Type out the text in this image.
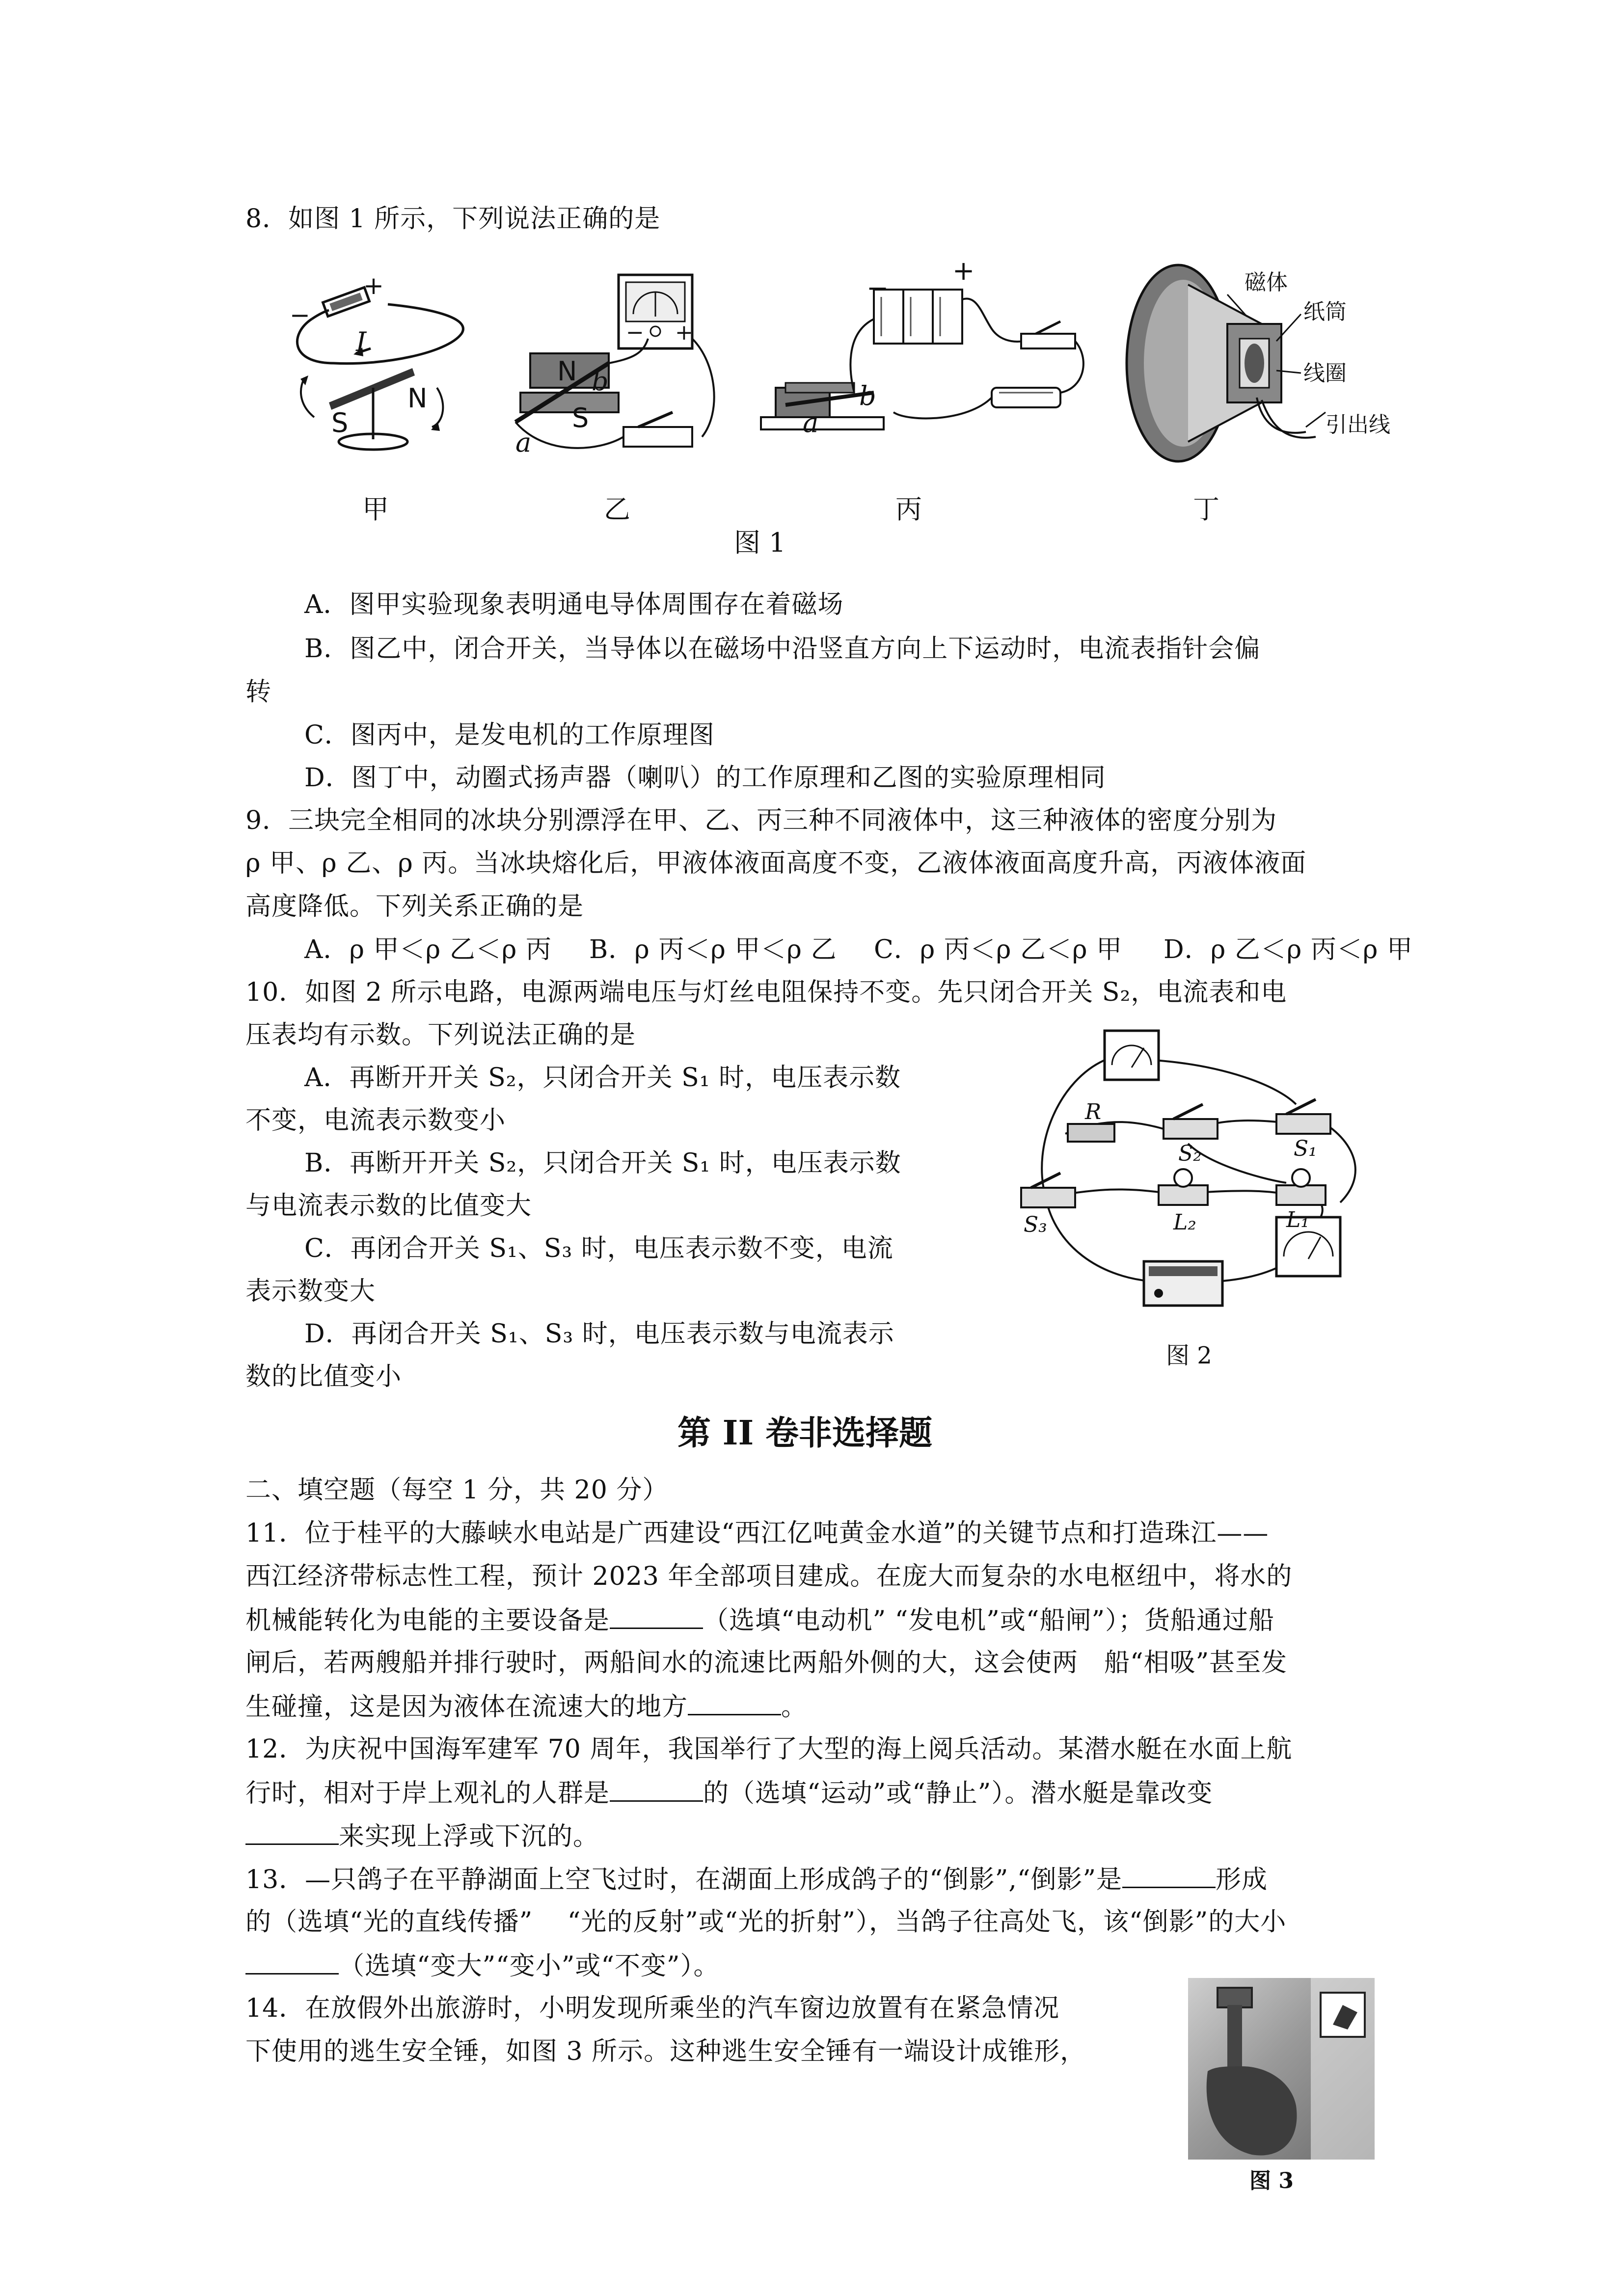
8．如图 1 所示，下列说法正确的是
−
+
I
S
N
N b
S
a
− +
−
+
a
b
磁体
纸筒
线圈
引出线
甲	乙	丙	丁
图 1
A．图甲实验现象表明通电导体周围存在着磁场
B．图乙中，闭合开关，当导体以在磁场中沿竖直方向上下运动时，电流表指针会偏
转
C．图丙中，是发电机的工作原理图
D．图丁中，动圈式扬声器（喇叭）的工作原理和乙图的实验原理相同
9．三块完全相同的冰块分别漂浮在甲、乙、丙三种不同液体中，这三种液体的密度分别为
ρ 甲、ρ 乙、ρ 丙。当冰块熔化后，甲液体液面高度不变，乙液体液面高度升高，丙液体液面
高度降低。下列关系正确的是
A．ρ 甲＜ρ 乙＜ρ 丙 B．ρ 丙＜ρ 甲＜ρ 乙 C．ρ 丙＜ρ 乙＜ρ 甲 D．ρ 乙＜ρ 丙＜ρ 甲
10．如图 2 所示电路，电源两端电压与灯丝电阻保持不变。先只闭合开关 S₂，电流表和电
压表均有示数。下列说法正确的是
A．再断开开关 S₂，只闭合开关 S₁ 时，电压表示数
不变，电流表示数变小
B．再断开开关 S₂，只闭合开关 S₁ 时，电压表示数
与电流表示数的比值变大
C．再闭合开关 S₁、S₃ 时，电压表示数不变，电流
表示数变大
D．再闭合开关 S₁、S₃ 时，电压表示数与电流表示
数的比值变小
R
S₂	S₁
S₃	L₂	L₁
图 2
第 II 卷非选择题
二、填空题（每空 1 分，共 20 分）
11．位于桂平的大藤峡水电站是广西建设“西江亿吨黄金水道”的关键节点和打造珠江——
西江经济带标志性工程，预计 2023 年全部项目建成。在庞大而复杂的水电枢纽中，将水的
机械能转化为电能的主要设备是	（选填“电动机” “发电机”或“船闸”）；货船通过船
闸后，若两艘船并排行驶时，两船间水的流速比两船外侧的大，这会使两　船“相吸”甚至发
生碰撞，这是因为液体在流速大的地方	。
12．为庆祝中国海军建军 70 周年，我国举行了大型的海上阅兵活动。某潜水艇在水面上航
行时，相对于岸上观礼的人群是	的（选填“运动”或“静止”）。潜水艇是靠改变
来实现上浮或下沉的。
13．—只鸽子在平静湖面上空飞过时，在湖面上形成鸽子的“倒影”,“倒影”是	形成
的（选填“光的直线传播”　 “光的反射”或“光的折射”），当鸽子往高处飞，该“倒影”的大小
（选填“变大”“变小”或“不变”）。
14．在放假外出旅游时，小明发现所乘坐的汽车窗边放置有在紧急情况
下使用的逃生安全锤，如图 3 所示。这种逃生安全锤有一端设计成锥形，
图 3
